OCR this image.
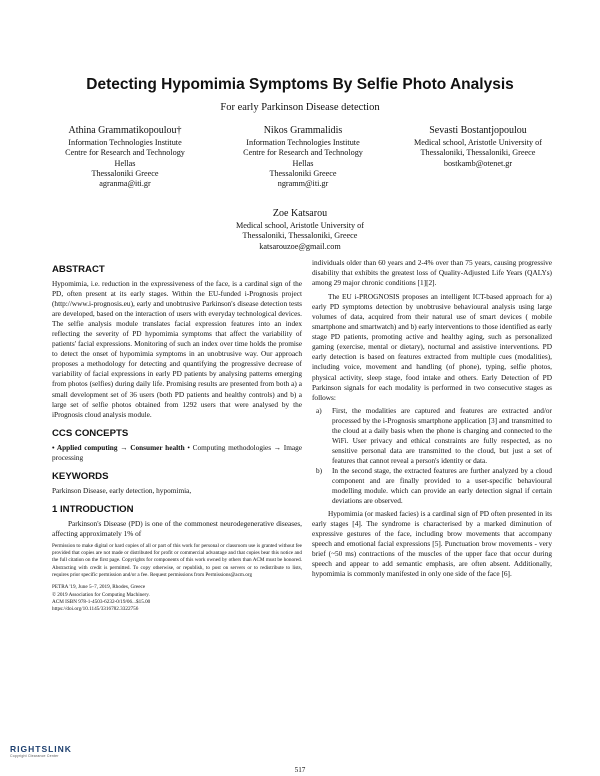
Detecting Hypomimia Symptoms By Selfie Photo Analysis
For early Parkinson Disease detection
Athina Grammatikopoulou†
Information Technologies Institute
Centre for Research and Technology
Hellas
Thessaloniki Greece
agranma@iti.gr
Nikos Grammalidis
Information Technologies Institute
Centre for Research and Technology
Hellas
Thessaloniki Greece
ngramm@iti.gr
Sevasti Bostantjopoulou
Medical school, Aristotle University of
Thessaloniki, Thessaloniki, Greece
bostkamb@otenet.gr
Zoe Katsarou
Medical school, Aristotle University of
Thessaloniki, Thessaloniki, Greece
katsarouzoe@gmail.com
ABSTRACT

Hypomimia, i.e. reduction in the expressiveness of the face, is a cardinal sign of the PD, often present at its early stages. Within the EU-funded i-Prognosis project (http://www.i-prognosis.eu), early and unobtrusive Parkinson's disease detection tests are developed, based on the interaction of users with everyday technological devices. The selfie analysis module translates facial expression features into an index reflecting the severity of PD hypomimia symptoms that affect the variability of patients' facial expressions. Monitoring of such an index over time holds the promise to detect the onset of hypomimia symptoms in an unobtrusive way. Our approach proposes a methodology for detecting and quantifying the progressive decrease of variability of facial expressions in early PD patients by analysing patterns emerging from photos (selfies) during daily life. Promising results are presented from both a) a small development set of 36 users (both PD patients and healthy controls) and b) a large set of selfie photos obtained from 1292 users that were analysed by the iPrognosis cloud analysis module.

CCS CONCEPTS
• Applied computing → Consumer health • Computing methodologies → Image processing
KEYWORDS

Parkinson Disease, early detection, hypomimia,

1 INTRODUCTION

Parkinson's Disease (PD) is one of the commonest neurodegenerative diseases, affecting approximately 1% of

Permission to make digital or hard copies of all or part of this work for personal or classroom use is granted without fee provided that copies are not made or distributed for profit or commercial advantage and that copies bear this notice and the full citation on the first page. Copyrights for components of this work owned by others than ACM must be honored. Abstracting with credit is permitted. To copy otherwise, or republish, to post on servers or to redistribute to lists, requires prior specific permission and/or a fee. Request permissions from Permissions@acm.org
PETRA '19, June 5–7, 2019, Rhodes, Greece
© 2019 Association for Computing Machinery.
ACM ISBN 978-1-4503-6232-0/19/06...$15.00
https://doi.org/10.1145/3316782.3322756

individuals older than 60 years and 2-4% over than 75 years, causing progressive disability that exhibits the greatest loss of Quality-Adjusted Life Years (QALYs) among 29 major chronic conditions [1][2].

The EU i-PROGNOSIS proposes an intelligent ICT-based approach for a) early PD symptoms detection by unobtrusive behavioural analysis using large volumes of data, acquired from their natural use of smart devices ( mobile smartphone and smartwatch) and b) early interventions to those identified as early stage PD patients, promoting active and healthy aging, such as personalized gaming (exercise, mental or dietary), nocturnal and assistive interventions. PD early detection is based on features extracted from multiple cues (modalities), including voice, movement and handling (of phone), typing, selfie photos, physical activity, sleep stage, food intake and others. Early Detection of PD Parkinson signals for each modality is performed in two consecutive stages as follows:

a) First, the modalities are captured and features are extracted and/or processed by the i-Prognosis smartphone application [3] and transmitted to the cloud at a daily basis when the phone is charging and connected to the WiFi. User privacy and ethical constraints are fully respected, as no sensitive personal data are transmitted to the cloud, but just a set of features that cannot reveal a person's identity or data.
b) In the second stage, the extracted features are further analyzed by a cloud component and are finally provided to a user-specific behavioural modelling module. which can provide an early detection signal if certain deviations are observed.

Hypomimia (or masked facies) is a cardinal sign of PD often presented in its early stages [4]. The syndrome is characterised by a marked diminution of expressive gestures of the face, including brow movements that accompany speech and emotional facial expressions [5]. Punctuation brow movements - very brief (~50 ms) contractions of the muscles of the upper face that occur during speech and appear to add semantic emphasis, are often absent. Additionally, hypomimia is commonly manifested in only one side of the face [6].

RIGHTSLINK
Copyright Clearance Center
517
